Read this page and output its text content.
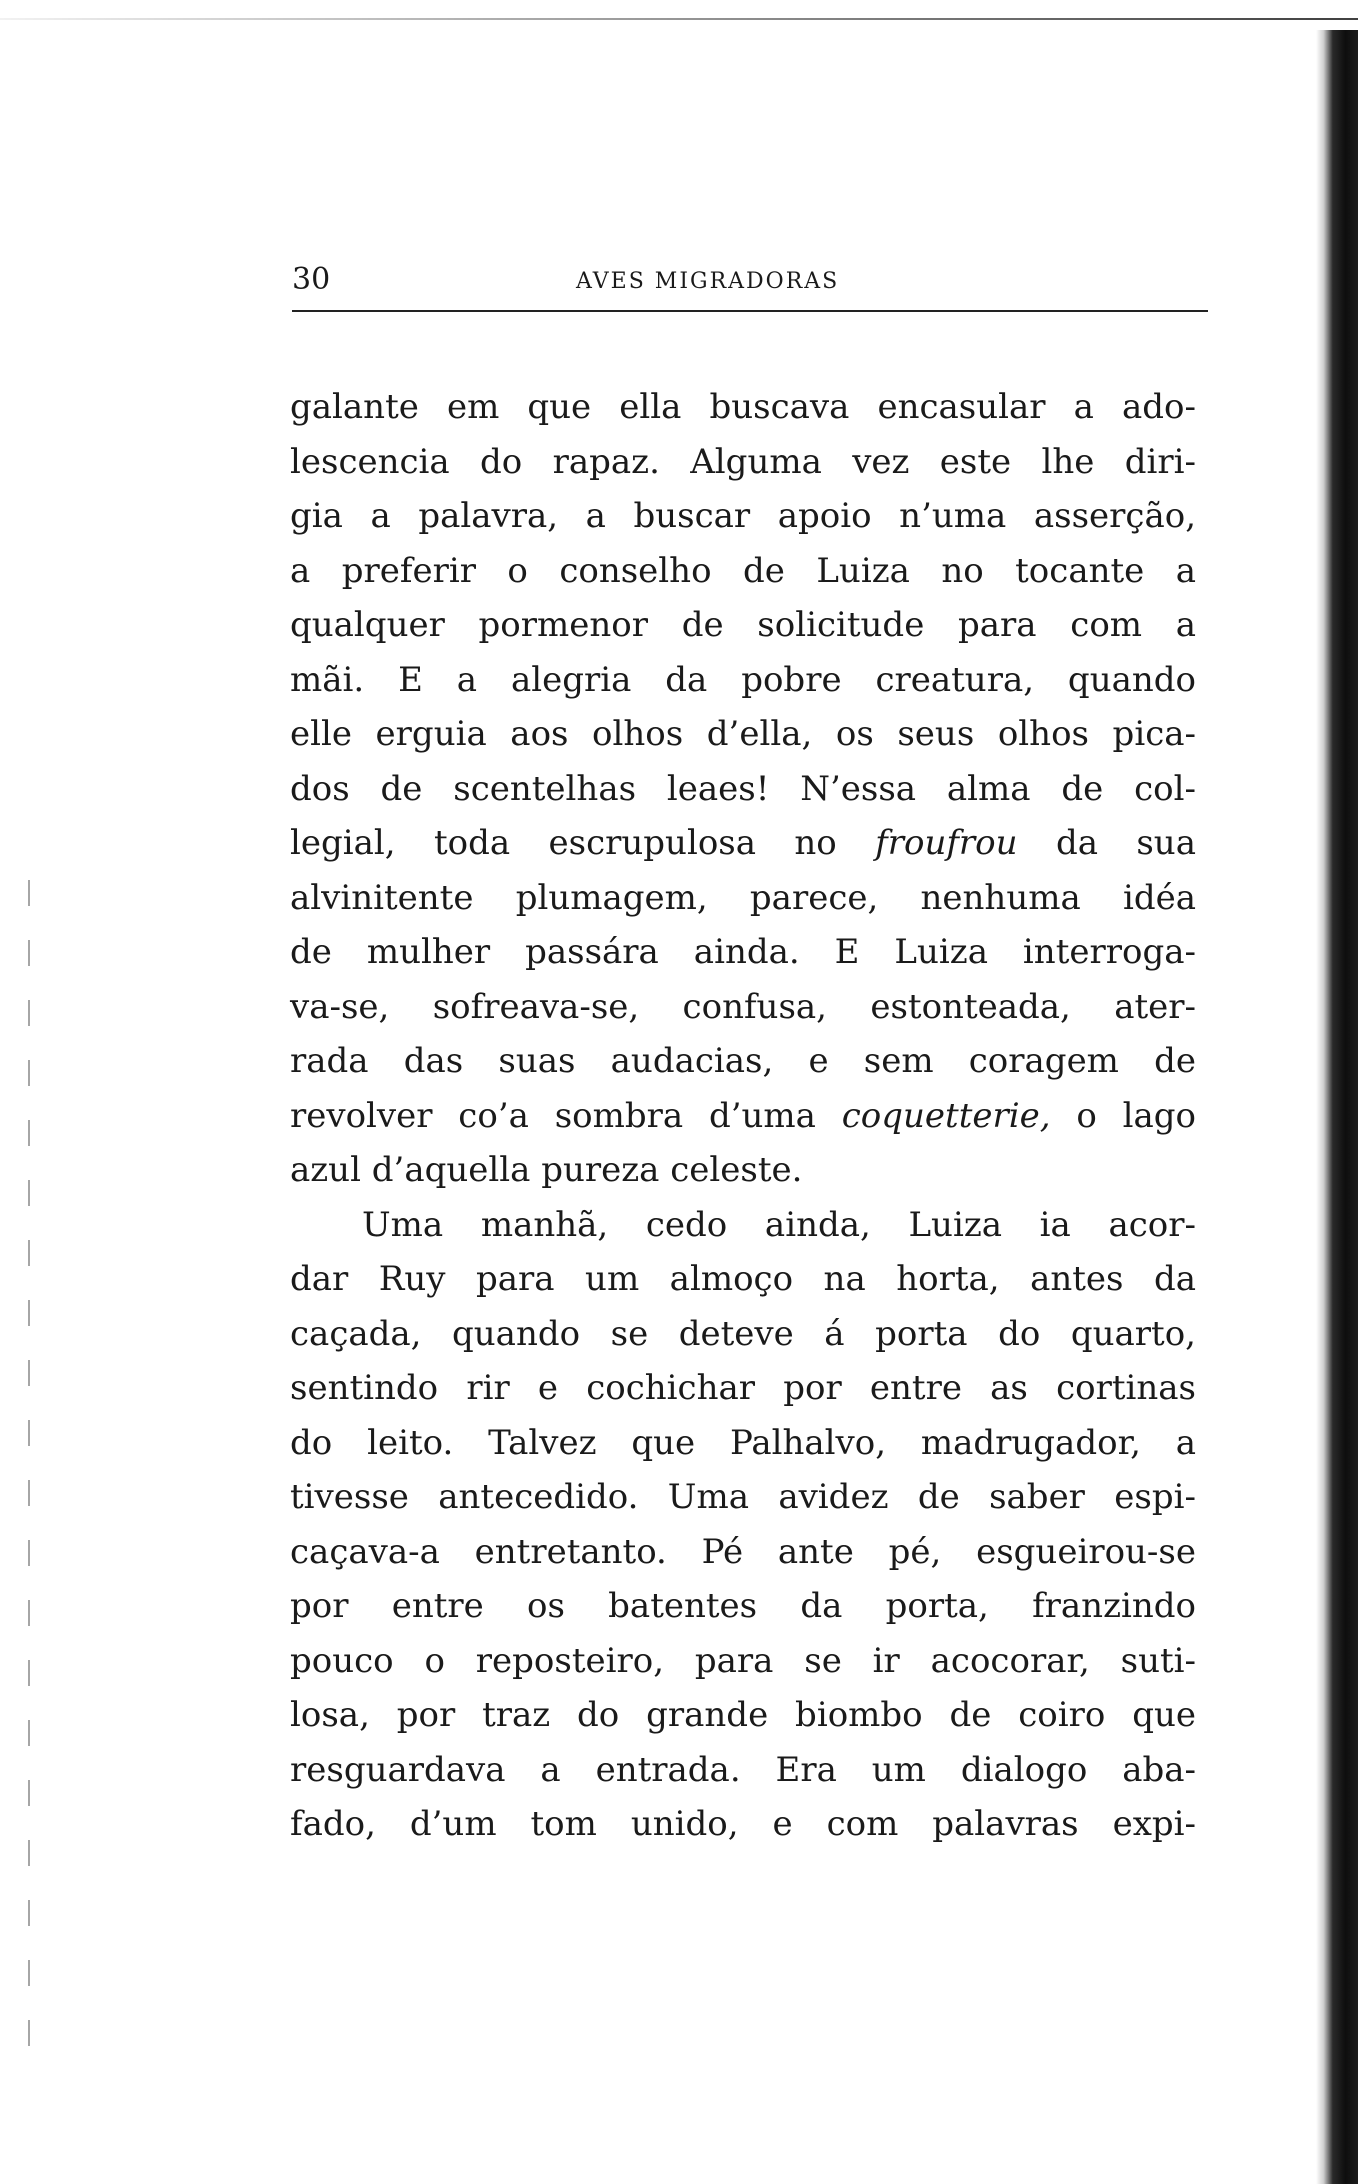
30	AVES MIGRADORAS

galante em que ella buscava encasular a ado-
lescencia do rapaz. Alguma vez este lhe diri-
gia a palavra, a buscar apoio n’uma asserção,
a preferir o conselho de Luiza no tocante a
qualquer pormenor de solicitude para com a
mãi. E a alegria da pobre creatura, quando
elle erguia aos olhos d’ella, os seus olhos pica-
dos de scentelhas leaes! N’essa alma de col-
legial, toda escrupulosa no froufrou da sua
alvinitente plumagem, parece, nenhuma idéa
de mulher passára ainda. E Luiza interroga-
va-se, sofreava-se, confusa, estonteada, ater-
rada das suas audacias, e sem coragem de
revolver co’a sombra d’uma coquetterie, o lago
azul d’aquella pureza celeste.

Uma manhã, cedo ainda, Luiza ia acor-
dar Ruy para um almoço na horta, antes da
caçada, quando se deteve á porta do quarto,
sentindo rir e cochichar por entre as cortinas
do leito. Talvez que Palhalvo, madrugador, a
tivesse antecedido. Uma avidez de saber espi-
caçava-a entretanto. Pé ante pé, esgueirou-se
por entre os batentes da porta, franzindo
pouco o reposteiro, para se ir acocorar, suti-
losa, por traz do grande biombo de coiro que
resguardava a entrada. Era um dialogo aba-
fado, d’um tom unido, e com palavras expi-
